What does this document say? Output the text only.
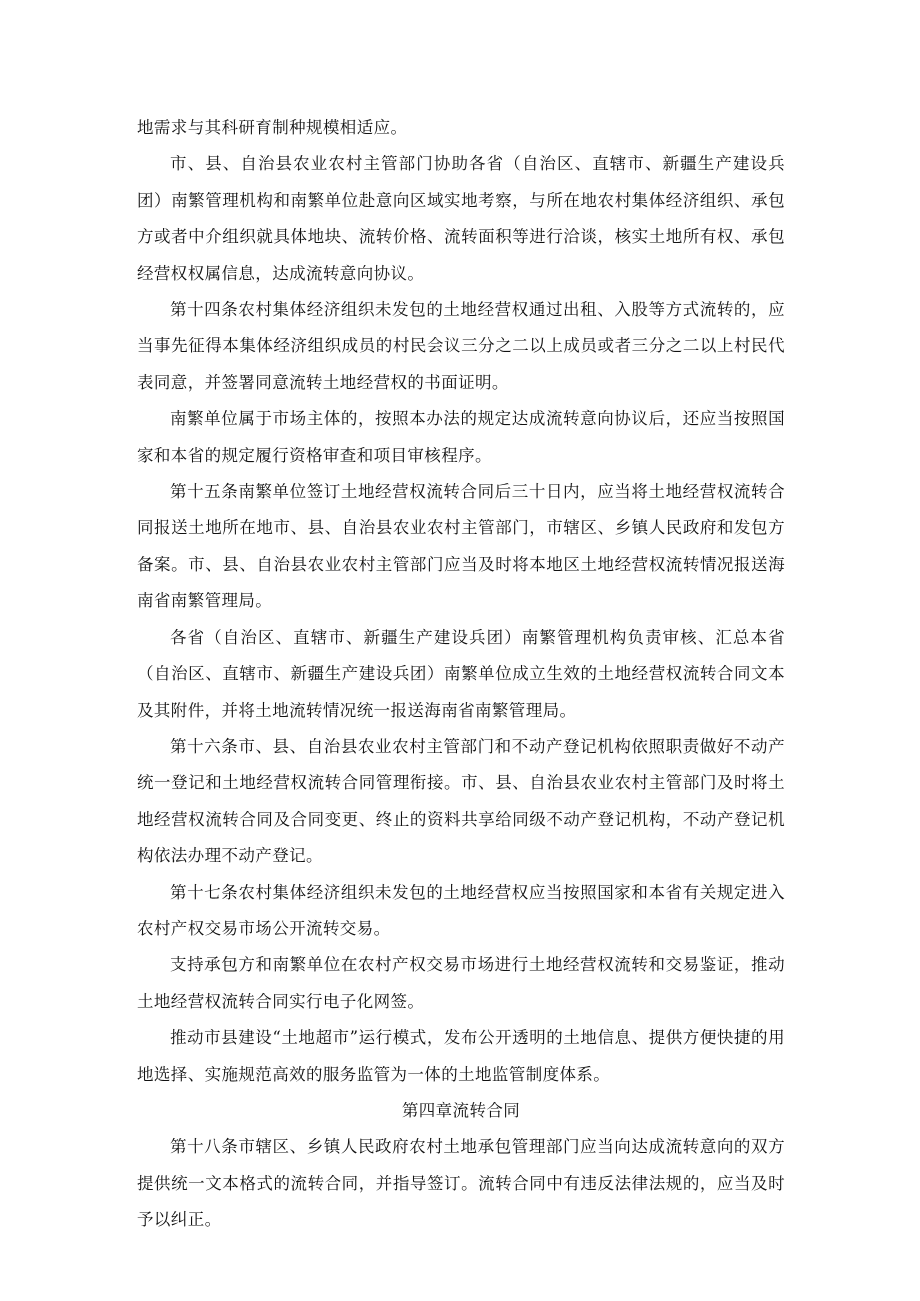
地需求与其科研育制种规模相适应。

市、县、自治县农业农村主管部门协助各省（自治区、直辖市、新疆生产建设兵团）南繁管理机构和南繁单位赴意向区域实地考察，与所在地农村集体经济组织、承包方或者中介组织就具体地块、流转价格、流转面积等进行洽谈，核实土地所有权、承包经营权权属信息，达成流转意向协议。

第十四条农村集体经济组织未发包的土地经营权通过出租、入股等方式流转的，应当事先征得本集体经济组织成员的村民会议三分之二以上成员或者三分之二以上村民代表同意，并签署同意流转土地经营权的书面证明。

南繁单位属于市场主体的，按照本办法的规定达成流转意向协议后，还应当按照国家和本省的规定履行资格审查和项目审核程序。

第十五条南繁单位签订土地经营权流转合同后三十日内，应当将土地经营权流转合同报送土地所在地市、县、自治县农业农村主管部门，市辖区、乡镇人民政府和发包方备案。市、县、自治县农业农村主管部门应当及时将本地区土地经营权流转情况报送海南省南繁管理局。

各省（自治区、直辖市、新疆生产建设兵团）南繁管理机构负责审核、汇总本省（自治区、直辖市、新疆生产建设兵团）南繁单位成立生效的土地经营权流转合同文本及其附件，并将土地流转情况统一报送海南省南繁管理局。

第十六条市、县、自治县农业农村主管部门和不动产登记机构依照职责做好不动产统一登记和土地经营权流转合同管理衔接。市、县、自治县农业农村主管部门及时将土地经营权流转合同及合同变更、终止的资料共享给同级不动产登记机构，不动产登记机构依法办理不动产登记。

第十七条农村集体经济组织未发包的土地经营权应当按照国家和本省有关规定进入农村产权交易市场公开流转交易。

支持承包方和南繁单位在农村产权交易市场进行土地经营权流转和交易鉴证，推动土地经营权流转合同实行电子化网签。

推动市县建设“土地超市”运行模式，发布公开透明的土地信息、提供方便快捷的用地选择、实施规范高效的服务监管为一体的土地监管制度体系。

第四章流转合同

第十八条市辖区、乡镇人民政府农村土地承包管理部门应当向达成流转意向的双方提供统一文本格式的流转合同，并指导签订。流转合同中有违反法律法规的，应当及时予以纠正。
